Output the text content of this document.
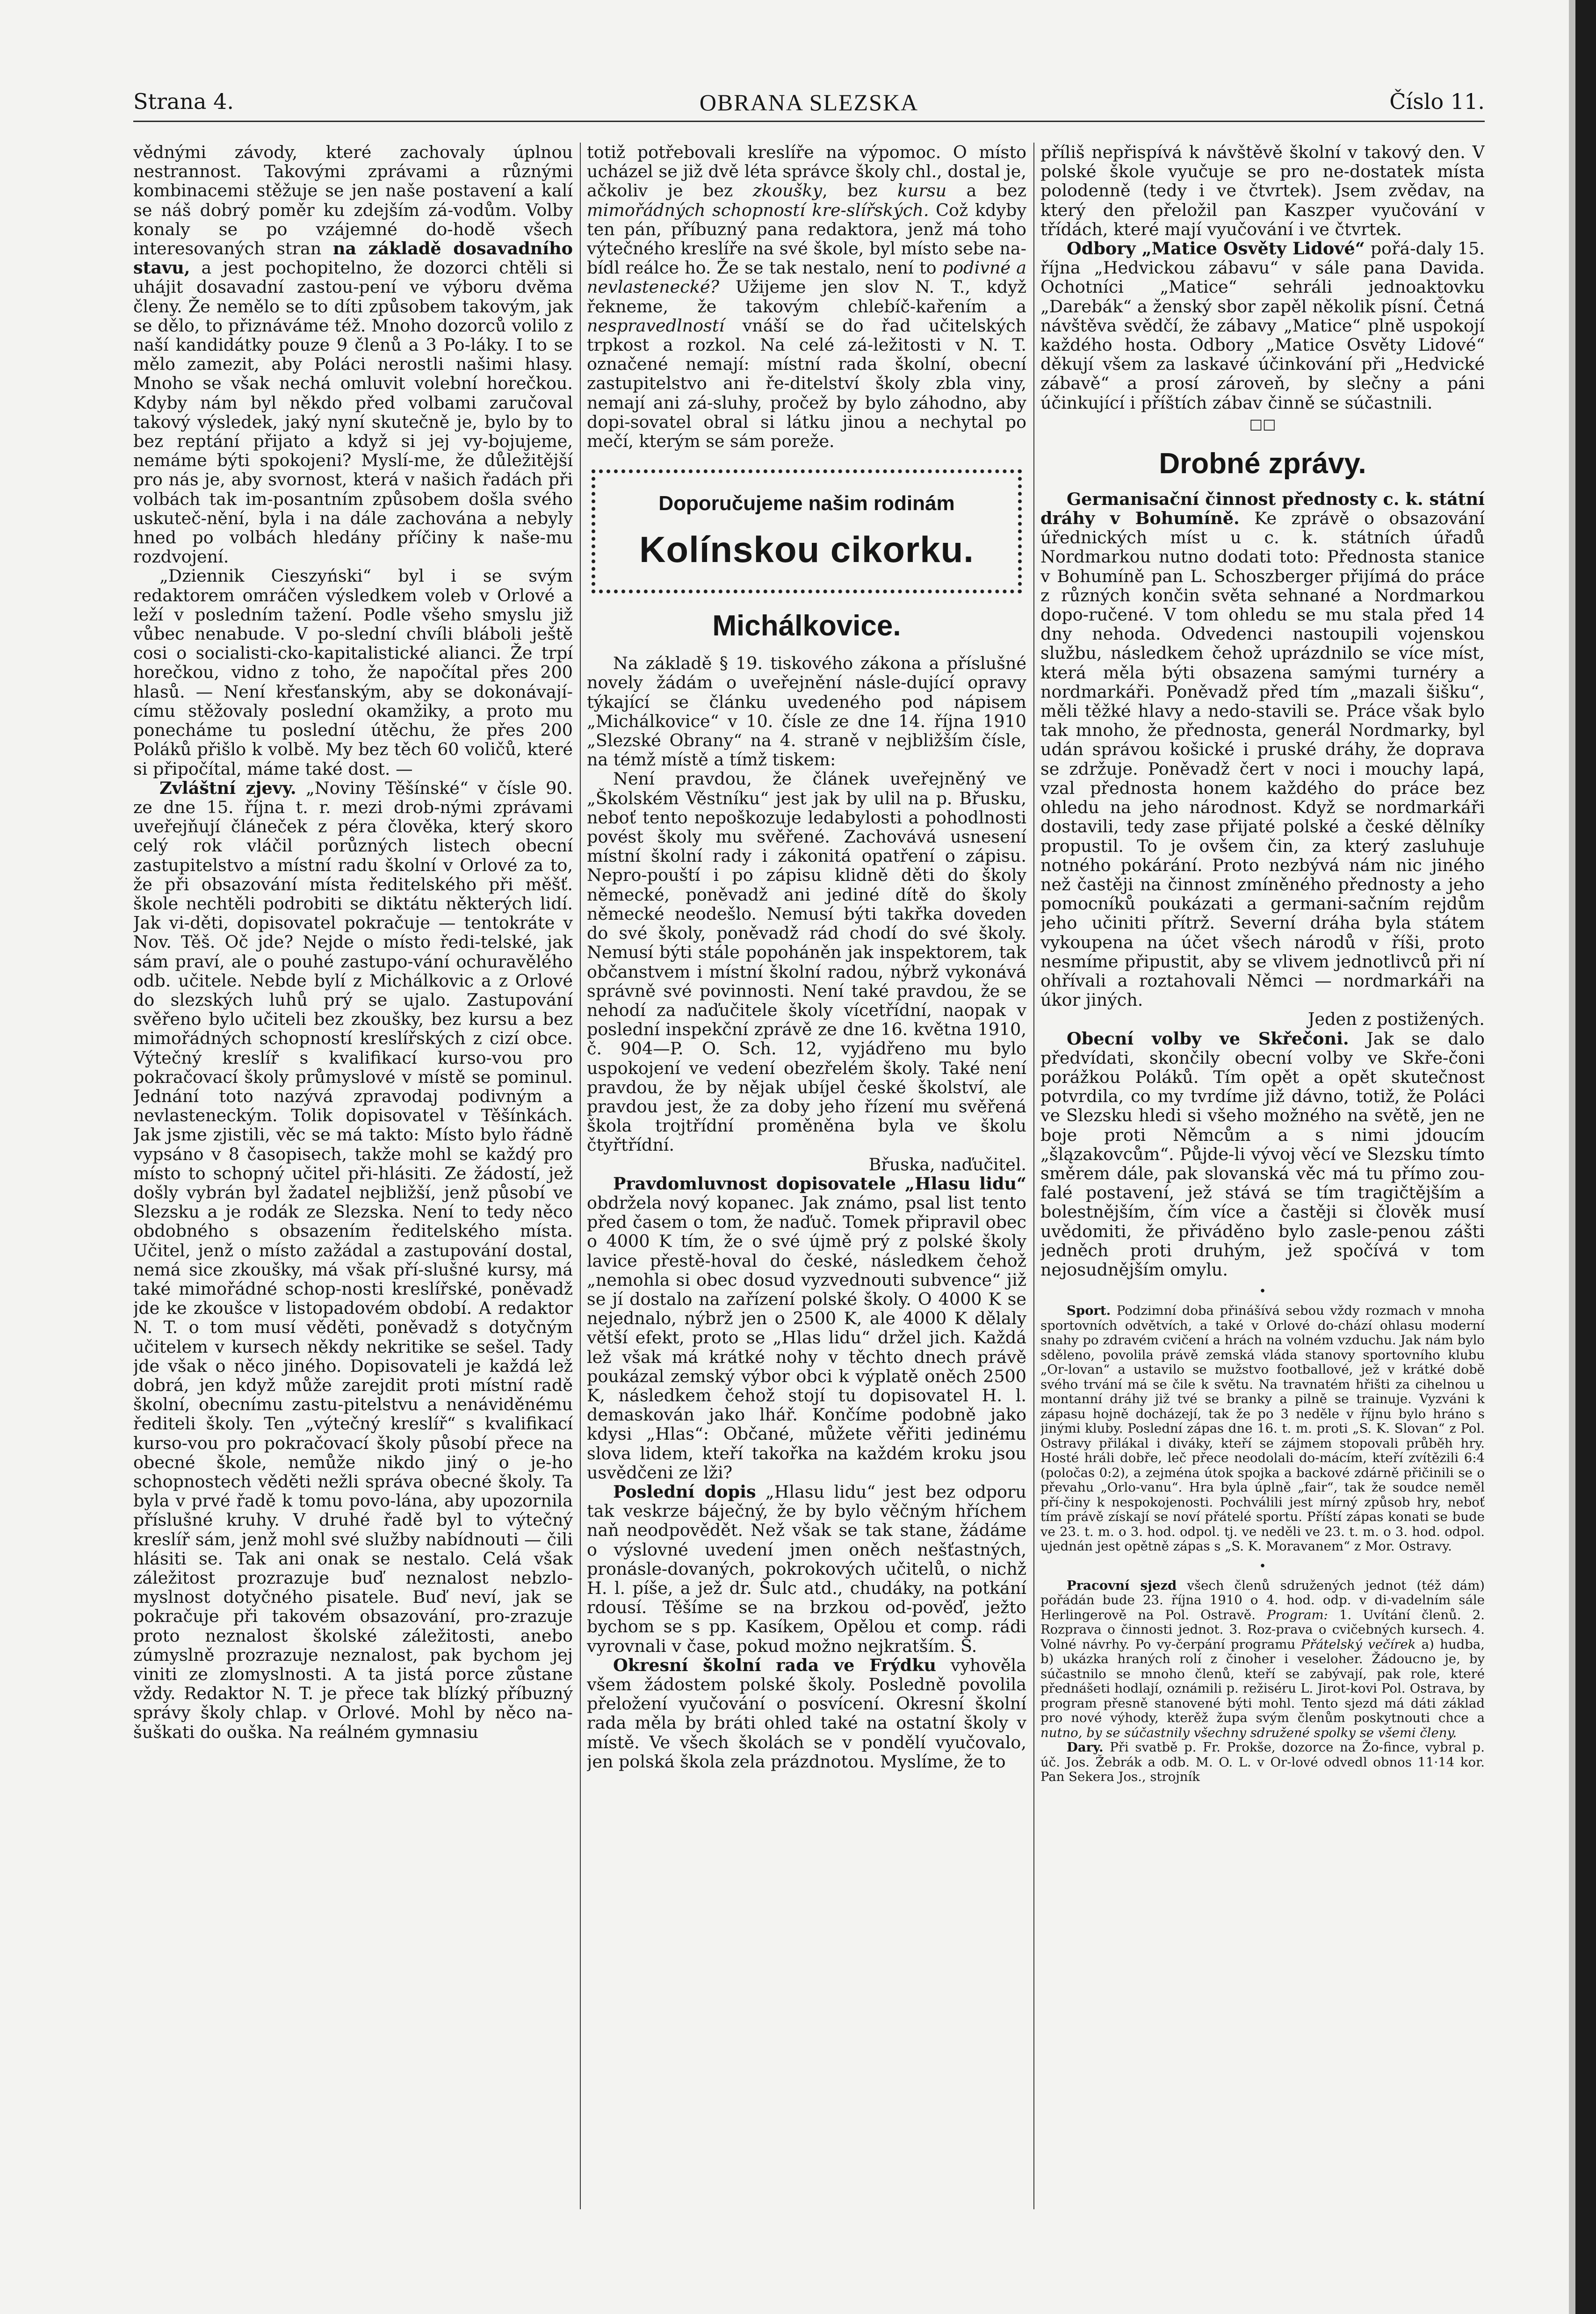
Strana 4.	OBRANA SLEZSKA	Číslo 11.

vědnými závody, které zachovaly úplnou nestrannost. Takovými zprávami a různými kombinacemi stěžuje se jen naše postavení a kalí se náš dobrý poměr ku zdejším zá-vodům. Volby konaly se po vzájemné do-hodě všech interesovaných stran na základě dosavadního stavu, a jest pochopitelno, že dozorci chtěli si uhájit dosavadní zastou-pení ve výboru dvěma členy. Že nemělo se to díti způsobem takovým, jak se dělo, to přiznáváme též. Mnoho dozorců volilo z naší kandidátky pouze 9 členů a 3 Po-láky. I to se mělo zamezit, aby Poláci nerostli našimi hlasy. Mnoho se však nechá omluvit volební horečkou. Kdyby nám byl někdo před volbami zaručoval takový výsledek, jaký nyní skutečně je, bylo by to bez reptání přijato a když si jej vy-bojujeme, nemáme býti spokojeni? Myslí-me, že důležitější pro nás je, aby svornost, která v našich řadách při volbách tak im-posantním způsobem došla svého uskuteč-nění, byla i na dále zachována a nebyly hned po volbách hledány příčiny k naše-mu rozdvojení.

„Dziennik Cieszyński“ byl i se svým redaktorem omráčen výsledkem voleb v Orlové a leží v posledním tažení. Podle všeho smyslu již vůbec nenabude. V po-slední chvíli bláboli ještě cosi o socialisti-cko-kapitalistické alianci. Že trpí horečkou, vidno z toho, že napočítal přes 200 hlasů. — Není křesťanským, aby se dokonávají-címu stěžovaly poslední okamžiky, a proto mu ponecháme tu poslední útěchu, že přes 200 Poláků přišlo k volbě. My bez těch 60 voličů, které si připočítal, máme také dost. —

Zvláštní zjevy. „Noviny Těšínské“ v čísle 90. ze dne 15. října t. r. mezi drob-nými zprávami uveřejňují článeček z péra člověka, který skoro celý rok vláčil porůzných listech obecní zastupitelstvo a místní radu školní v Orlové za to, že při obsazování místa ředitelského při měšť. škole nechtěli podrobiti se diktátu některých lidí. Jak vi-děti, dopisovatel pokračuje — tentokráte v Nov. Těš. Oč jde? Nejde o místo ředi-telské, jak sám praví, ale o pouhé zastupo-vání ochuravělého odb. učitele. Nebde bylí z Michálkovic a z Orlové do slezských luhů prý se ujalo. Zastupování svěřeno bylo učiteli bez zkoušky, bez kursu a bez mimořádných schopností kreslířských z cizí obce. Výtečný kreslíř s kvalifikací kurso-vou pro pokračovací školy průmyslové v místě se pominul. Jednání toto nazývá zpravodaj podivným a nevlasteneckým. Tolik dopisovatel v Těšínkách. Jak jsme zjistili, věc se má takto: Místo bylo řádně vypsáno v 8 časopisech, takže mohl se každý pro místo to schopný učitel při-hlásiti. Ze žádostí, jež došly vybrán byl žadatel nejbližší, jenž působí ve Slezsku a je rodák ze Slezska. Není to tedy něco obdobného s obsazením ředitelského místa. Učitel, jenž o místo zažádal a zastupování dostal, nemá sice zkoušky, má však pří-slušné kursy, má také mimořádné schop-nosti kreslířské, poněvadž jde ke zkoušce v listopadovém období. A redaktor N. T. o tom musí věděti, poněvadž s dotyčným učitelem v kursech někdy nekritike se sešel. Tady jde však o něco jiného. Dopisovateli je každá lež dobrá, jen když může zarejdit proti místní radě školní, obecnímu zastu-pitelstvu a nenáviděnému řediteli školy. Ten „výtečný kreslíř“ s kvalifikací kurso-vou pro pokračovací školy působí přece na obecné škole, nemůže nikdo jiný o je-ho schopnostech věděti nežli správa obecné školy. Ta byla v prvé řadě k tomu povo-lána, aby upozornila příslušné kruhy. V druhé řadě byl to výtečný kreslíř sám, jenž mohl své služby nabídnouti — čili hlásiti se. Tak ani onak se nestalo. Celá však záležitost prozrazuje buď neznalost nebzlo-myslnost dotyčného pisatele. Buď neví, jak se pokračuje při takovém obsazování, pro-zrazuje proto neznalost školské záležitosti, anebo zúmyslně prozrazuje neznalost, pak bychom jej viniti ze zlomyslnosti. A ta jistá porce zůstane vždy. Redaktor N. T. je přece tak blízký příbuzný správy školy chlap. v Orlové. Mohl by něco na-šuškati do ouška. Na reálném gymnasiu

totiž potřebovali kreslíře na výpomoc. O místo ucházel se již dvě léta správce školy chl., dostal je, ačkoliv je bez zkoušky, bez kursu a bez mimořádných schopností kre-slířských. Což kdyby ten pán, příbuzný pana redaktora, jenž má toho výtečného kreslíře na své škole, byl místo sebe na-bídl reálce ho. Že se tak nestalo, není to podivné a nevlastenecké? Užijeme jen slov N. T., když řekneme, že takovým chlebíč-kařením a nespravedlností vnáší se do řad učitelských trpkost a rozkol. Na celé zá-ležitosti v N. T. označené nemají: místní rada školní, obecní zastupitelstvo ani ře-ditelství školy zbla viny, nemají ani zá-sluhy, pročež by bylo záhodno, aby dopi-sovatel obral si látku jinou a nechytal po mečí, kterým se sám poreže.

Doporučujeme našim rodinám
Kolínskou cikorku.
Michálkovice.

Na základě § 19. tiskového zákona a příslušné novely žádám o uveřejnění násle-dující opravy týkající se článku uvedeného pod nápisem „Michálkovice“ v 10. čísle ze dne 14. října 1910 „Slezské Obrany“ na 4. straně v nejbližším čísle, na témž místě a tímž tiskem:

Není pravdou, že článek uveřejněný ve „Školském Věstníku“ jest jak by ulil na p. Břusku, neboť tento nepoškozuje ledabylosti a pohodlnosti povést školy mu svěřené. Zachovává usnesení místní školní rady i zákonitá opatření o zápisu. Nepro-pouští i po zápisu klidně děti do školy německé, poněvadž ani jediné dítě do školy německé neodešlo. Nemusí býti takřka doveden do své školy, poněvadž rád chodí do své školy. Nemusí býti stále popoháněn jak inspektorem, tak občanstvem i místní školní radou, nýbrž vykonává správně své povinnosti. Není také pravdou, že se nehodí za naďučitele školy vícetřídní, naopak v poslední inspekční zprávě ze dne 16. května 1910, č. 904—P. O. Sch. 12, vyjádřeno mu bylo uspokojení ve vedení obezřelém školy. Také není pravdou, že by nějak ubíjel české školství, ale pravdou jest, že za doby jeho řízení mu svěřená škola trojtřídní proměněna byla ve školu čtyřtřídní.

Břuska, naďučitel.

Pravdomluvnost dopisovatele „Hlasu lidu“ obdržela nový kopanec. Jak známo, psal list tento před časem o tom, že naďuč. Tomek připravil obec o 4000 K tím, že o své újmě prý z polské školy lavice přestě-hoval do české, následkem čehož „nemohla si obec dosud vyzvednouti subvence“ již se jí dostalo na zařízení polské školy. O 4000 K se nejednalo, nýbrž jen o 2500 K, ale 4000 K dělaly větší efekt, proto se „Hlas lidu“ držel jich. Každá lež však má krátké nohy v těchto dnech právě poukázal zemský výbor obci k výplatě oněch 2500 K, následkem čehož stojí tu dopisovatel H. l. demaskován jako lhář. Končíme podobně jako kdysi „Hlas“: Občané, můžete věřiti jedinému slova lidem, kteří takořka na každém kroku jsou usvědčeni ze lži?

Poslední dopis „Hlasu lidu“ jest bez odporu tak veskrze báječný, že by bylo věčným hříchem naň neodpovědět. Než však se tak stane, žádáme o výslovné uvedení jmen oněch nešťastných, pronásle-dovaných, pokrokových učitelů, o nichž H. l. píše, a jež dr. Šulc atd., chudáky, na potkání rdousí. Těšíme se na brzkou od-pověď, ježto bychom se s pp. Kasíkem, Opělou et comp. rádi vyrovnali v čase, pokud možno nejkratším. Š.

Okresní školní rada ve Frýdku vyhověla všem žádostem polské školy. Posledně povolila přeložení vyučování o posvícení. Okresní školní rada měla by bráti ohled také na ostatní školy v místě. Ve všech školách se v pondělí vyučovalo, jen polská škola zela prázdnotou. Myslíme, že to

příliš nepřispívá k návštěvě školní v takový den. V polské škole vyučuje se pro ne-dostatek místa polodenně (tedy i ve čtvrtek). Jsem zvědav, na který den přeložil pan Kaszper vyučování v třídách, které mají vyučování i ve čtvrtek.

Odbory „Matice Osvěty Lidové“ pořá-daly 15. října „Hedvickou zábavu“ v sále pana Davida. Ochotníci „Matice“ sehráli jednoaktovku „Darebák“ a ženský sbor zapěl několik písní. Četná návštěva svědčí, že zábavy „Matice“ plně uspokojí každého hosta. Odbory „Matice Osvěty Lidové“ děkují všem za laskavé účinkování při „Hedvické zábavě“ a prosí zároveň, by slečny a páni účinkující i příštích zábav činně se súčastnili.

□□
Drobné zprávy.

Germanisační činnost přednosty c. k. státní dráhy v Bohumíně. Ke zprávě o obsazování úřednických míst u c. k. státních úřadů Nordmarkou nutno dodati toto: Přednosta stanice v Bohumíně pan L. Schoszberger přijímá do práce z různých končin světa sehnané a Nordmarkou dopo-ručené. V tom ohledu se mu stala před 14 dny nehoda. Odvedenci nastoupili vojenskou službu, následkem čehož uprázdnilo se více míst, která měla býti obsazena samými turnéry a nordmarkáři. Poněvadž před tím „mazali šišku“, měli těžké hlavy a nedo-stavili se. Práce však bylo tak mnoho, že přednosta, generál Nordmarky, byl udán správou košické i pruské dráhy, že doprava se zdržuje. Poněvadž čert v noci i mouchy lapá, vzal přednosta honem každého do práce bez ohledu na jeho národnost. Když se nordmarkáři dostavili, tedy zase přijaté polské a české dělníky propustil. To je ovšem čin, za který zasluhuje notného pokárání. Proto nezbývá nám nic jiného než častěji na činnost zmíněného přednosty a jeho pomocníků poukázati a germani-sačním rejdům jeho učiniti přítrž. Severní dráha byla státem vykoupena na účet všech národů v říši, proto nesmíme připustit, aby se vlivem jednotlivců při ní ohřívali a roztahovali Němci — nordmarkáři na úkor jiných.

Jeden z postižených.

Obecní volby ve Skřečoni. Jak se dalo předvídati, skončily obecní volby ve Skře-čoni porážkou Poláků. Tím opět a opět skutečnost potvrdila, co my tvrdíme již dávno, totiž, že Poláci ve Slezsku hledi si všeho možného na světě, jen ne boje proti Němcům a s nimi jdoucím „šlązakovcům“. Půjde-li vývoj věcí ve Slezsku tímto směrem dále, pak slovanská věc má tu přímo zou-falé postavení, jež stává se tím tragičtějším a bolestnějším, čím více a častěji si člověk musí uvědomiti, že přiváděno bylo zasle-penou zášti jedněch proti druhým, jež spočívá v tom nejosudnějším omylu.

•

Sport. Podzimní doba přinášívá sebou vždy rozmach v mnoha sportovních odvětvích, a také v Orlové do-chází ohlasu moderní snahy po zdravém cvičení a hrách na volném vzduchu. Jak nám bylo sděleno, povolila právě zemská vláda stanovy sportovního klubu „Or-lovan“ a ustavilo se mužstvo footballové, jež v krátké době svého trvání má se čile k světu. Na travnatém hřišti za cihelnou u montanní dráhy již tvé se branky a pilně se trainuje. Vyzváni k zápasu hojně docházejí, tak že po 3 neděle v říjnu bylo hráno s jinými kluby. Poslední zápas dne 16. t. m. proti „S. K. Slovan“ z Pol. Ostravy přilákal i diváky, kteří se zájmem stopovali průběh hry. Hosté hráli dobře, leč přece neodolali do-mácím, kteří zvítězili 6:4 (poločas 0:2), a zejména útok spojka a backové zdárně přičinili se o převahu „Orlo-vanu“. Hra byla úplně „fair“, tak že soudce neměl pří-činy k nespokojenosti. Pochválili jest mírný způsob hry, neboť tím právě získají se noví přátelé sportu. Příští zápas konati se bude ve 23. t. m. o 3. hod. odpol. tj. ve neděli ve 23. t. m. o 3. hod. odpol. ujednán jest opětně zápas s „S. K. Moravanem“ z Mor. Ostravy.

•

Pracovní sjezd všech členů sdružených jednot (též dám) pořádán bude 23. října 1910 o 4. hod. odp. v di-vadelním sále Herlingerově na Pol. Ostravě. Program: 1. Uvítání členů. 2. Rozprava o činnosti jednot. 3. Roz-prava o cvičebných kursech. 4. Volné návrhy. Po vy-čerpání programu Přátelský večírek a) hudba, b) ukázka hraných rolí z činoher i veseloher. Žádoucno je, by súčastnilo se mnoho členů, kteří se zabývají, pak role, které přednášeti hodlají, oznámili p. režiséru L. Jirot-kovi Pol. Ostrava, by program přesně stanovené býti mohl. Tento sjezd má dáti základ pro nové výhody, kterěž župa svým členům poskytnouti chce a nutno, by se súčastnily všechny sdružené spolky se všemi členy.

Dary. Při svatbě p. Fr. Prokše, dozorce na Žo-fince, vybral p. úč. Jos. Žebrák a odb. M. O. L. v Or-lové odvedl obnos 11·14 kor. Pan Sekera Jos., strojník
